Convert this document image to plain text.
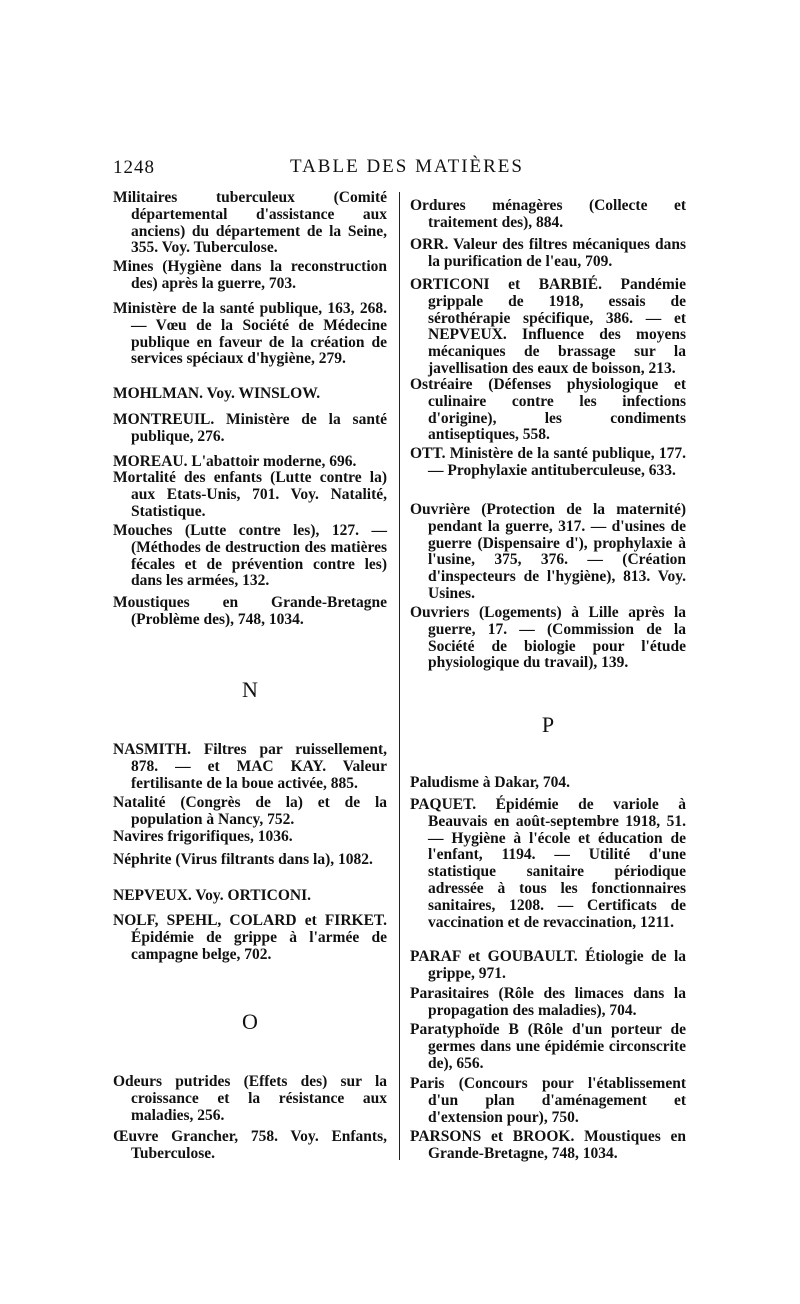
1248	TABLE DES MATIÈRES
Militaires tuberculeux (Comité départemental d'assistance aux anciens) du département de la Seine, 355. Voy. Tuberculose.
Mines (Hygiène dans la reconstruction des) après la guerre, 703.
Ministère de la santé publique, 163, 268. — Vœu de la Société de Médecine publique en faveur de la création de services spéciaux d'hygiène, 279.
MOHLMAN. Voy. WINSLOW.
MONTREUIL. Ministère de la santé publique, 276.
MOREAU. L'abattoir moderne, 696.
Mortalité des enfants (Lutte contre la) aux Etats-Unis, 701. Voy. Natalité, Statistique.
Mouches (Lutte contre les), 127. — (Méthodes de destruction des matières fécales et de prévention contre les) dans les armées, 132.
Moustiques en Grande-Bretagne (Problème des), 748, 1034.
N
NASMITH. Filtres par ruissellement, 878. — et MAC KAY. Valeur fertilisante de la boue activée, 885.
Natalité (Congrès de la) et de la population à Nancy, 752.
Navires frigorifiques, 1036.
Néphrite (Virus filtrants dans la), 1082.
NEPVEUX. Voy. ORTICONI.
NOLF, SPEHL, COLARD et FIRKET. Épidémie de grippe à l'armée de campagne belge, 702.
O
Odeurs putrides (Effets des) sur la croissance et la résistance aux maladies, 256.
Œuvre Grancher, 758. Voy. Enfants, Tuberculose.
Ordures ménagères (Collecte et traitement des), 884.
ORR. Valeur des filtres mécaniques dans la purification de l'eau, 709.
ORTICONI et BARBIÉ. Pandémie grippale de 1918, essais de sérothérapie spécifique, 386. — et NEPVEUX. Influence des moyens mécaniques de brassage sur la javellisation des eaux de boisson, 213.
Ostréaire (Défenses physiologique et culinaire contre les infections d'origine), les condiments antiseptiques, 558.
OTT. Ministère de la santé publique, 177. — Prophylaxie antituberculeuse, 633.
Ouvrière (Protection de la maternité) pendant la guerre, 317. — d'usines de guerre (Dispensaire d'), prophylaxie à l'usine, 375, 376. — (Création d'inspecteurs de l'hygiène), 813. Voy. Usines.
Ouvriers (Logements) à Lille après la guerre, 17. — (Commission de la Société de biologie pour l'étude physiologique du travail), 139.
P
Paludisme à Dakar, 704.
PAQUET. Épidémie de variole à Beauvais en août-septembre 1918, 51. — Hygiène à l'école et éducation de l'enfant, 1194. — Utilité d'une statistique sanitaire périodique adressée à tous les fonctionnaires sanitaires, 1208. — Certificats de vaccination et de revaccination, 1211.
PARAF et GOUBAULT. Étiologie de la grippe, 971.
Parasitaires (Rôle des limaces dans la propagation des maladies), 704.
Paratyphoïde B (Rôle d'un porteur de germes dans une épidémie circonscrite de), 656.
Paris (Concours pour l'établissement d'un plan d'aménagement et d'extension pour), 750.
PARSONS et BROOK. Moustiques en Grande-Bretagne, 748, 1034.
